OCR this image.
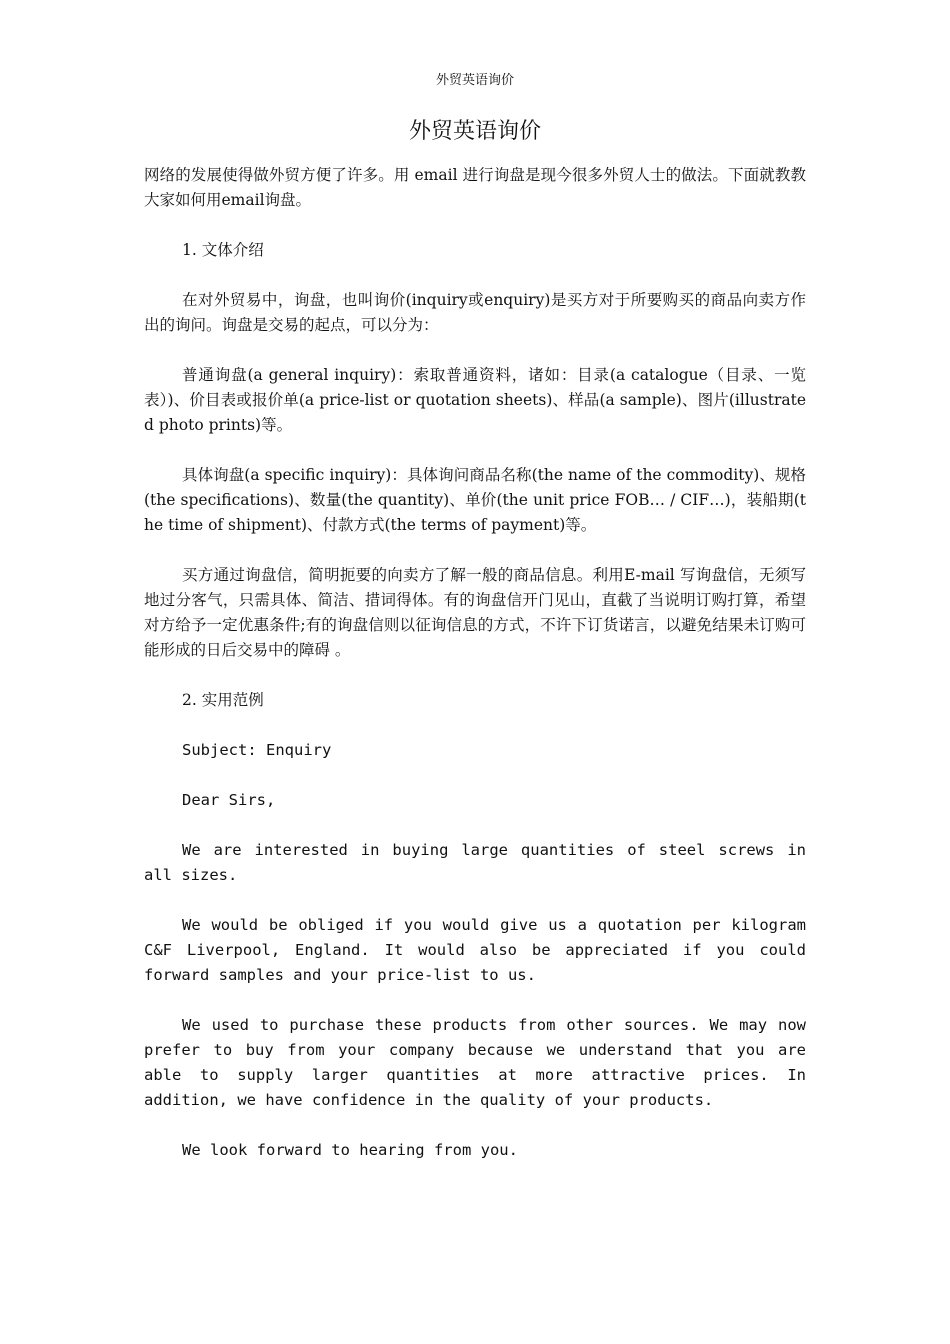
外贸英语询价
外贸英语询价

网络的发展使得做外贸方便了许多。用 email 进行询盘是现今很多外贸人士的做法。下面就教教大家如何用email询盘。

1. 文体介绍

在对外贸易中，询盘，也叫询价(inquiry或enquiry)是买方对于所要购买的商品向卖方作出的询问。询盘是交易的起点，可以分为：

普通询盘(a general inquiry)：索取普通资料，诸如：目录(a catalogue（目录、一览表）)、价目表或报价单(a price-list or quotation sheets)、样品(a sample)、图片(illustrated photo prints)等。

具体询盘(a specific inquiry)：具体询问商品名称(the name of the commodity)、规格(the specifications)、数量(the quantity)、单价(the unit price FOB… / CIF…)，装船期(the time of shipment)、付款方式(the terms of payment)等。

买方通过询盘信，简明扼要的向卖方了解一般的商品信息。利用E-mail 写询盘信，无须写地过分客气，只需具体、简洁、措词得体。有的询盘信开门见山，直截了当说明订购打算，希望对方给予一定优惠条件;有的询盘信则以征询信息的方式，不许下订货诺言，以避免结果未订购可能形成的日后交易中的障碍 。

2. 实用范例

Subject: Enquiry

Dear Sirs,

We are interested in buying large quantities of steel screws in all sizes.

We would be obliged if you would give us a quotation per kilogram C&F Liverpool, England. It would also be appreciated if you could forward samples and your price-list to us.

We used to purchase these products from other sources. We may now prefer to buy from your company because we understand that you are able to supply larger quantities at more attractive prices. In addition, we have confidence in the quality of your products.

We look forward to hearing from you.
